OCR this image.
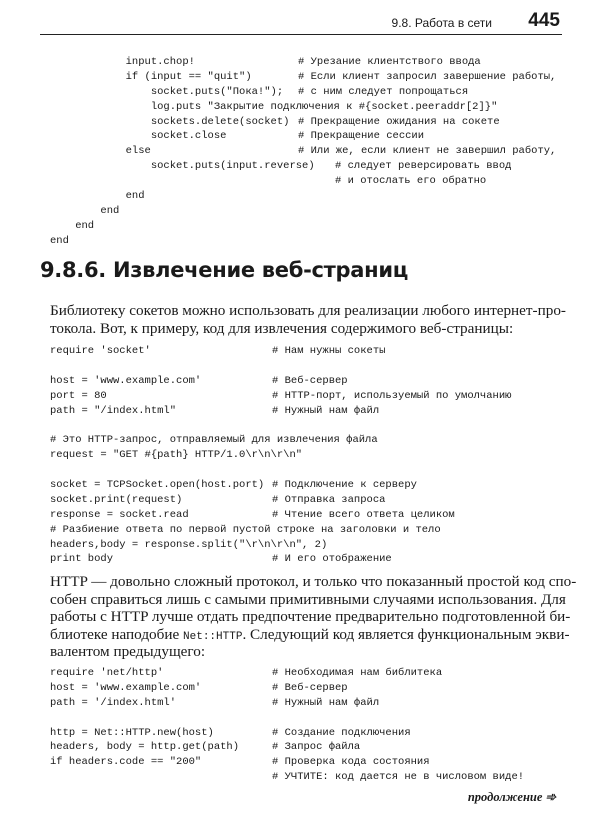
9.8. Работа в сети 445
input.chop!	# Урезание клиентствого ввода
if (input == "quit")	# Если клиент запросил завершение работы,
socket.puts("Пока!"); # с ним следует попрощаться
log.puts "Закрытие подключения к #{socket.peeraddr[2]}"
sockets.delete(socket) # Прекращение ожидания на сокете
socket.close	# Прекращение сессии
else	# Или же, если клиент не завершил работу,
socket.puts(input.reverse) # следует реверсировать ввод
# и отослать его обратно
end
end
end
end
9.8.6. Извлечение веб-страниц
Библиотеку сокетов можно использовать для реализации любого интернет-про-
токола. Вот, к примеру, код для извлечения содержимого веб-страницы:
require 'socket'	# Нам нужны сокеты
host = 'www.example.com'	# Веб-сервер
port = 80	# HTTP-порт, используемый по умолчанию
path = "/index.html"	# Нужный нам файл
# Это HTTP-запрос, отправляемый для извлечения файла
request = "GET #{path} HTTP/1.0\r\n\r\n"
socket = TCPSocket.open(host.port) # Подключение к серверу
socket.print(request)	# Отправка запроса
response = socket.read	# Чтение всего ответа целиком
# Разбиение ответа по первой пустой строке на заголовки и тело
headers,body = response.split("\r\n\r\n", 2)
print body	# И его отображение
HTTP — довольно сложный протокол, и только что показанный простой код спо-
собен справиться лишь с самыми примитивными случаями использования. Для
работы с HTTP лучше отдать предпочтение предварительно подготовленной би-
блиотеке наподобие Net::HTTP. Следующий код является функциональным экви-
валентом предыдущего:
require 'net/http'	# Необходимая нам библитека
host = 'www.example.com'	# Веб-сервер
path = '/index.html'	# Нужный нам файл
http = Net::HTTP.new(host)	# Создание подключения
headers, body = http.get(path)	# Запрос файла
if headers.code == "200"	# Проверка кода состояния
# УЧТИТЕ: код дается не в числовом виде!
продолжение ➾
